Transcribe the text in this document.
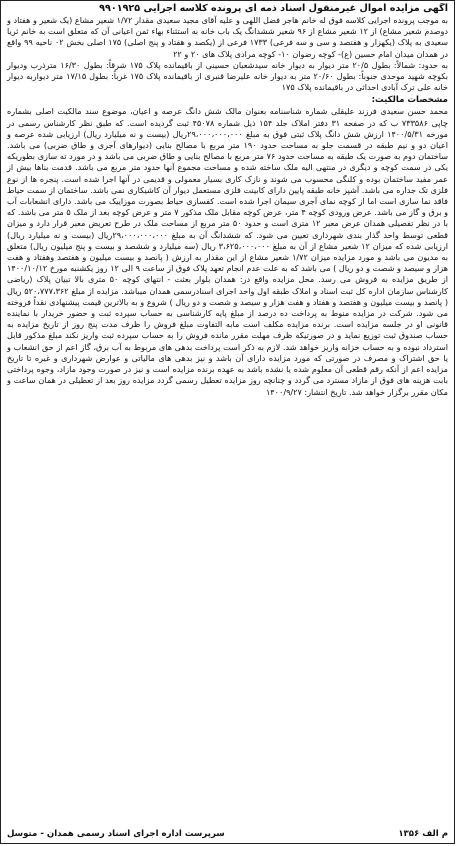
آگهی مزایده اموال غیرمنقول اسناد ذمه ای پرونده کلاسه اجرایی ۹۹۰۱۹۲۵
به موجب پرونده اجرایی کلاسه فوق له خانم هاجر فضل اللهی و علیه آقای مجید سعیدی مقدار ۱/۷۲ شعیر مشاع (یک شعیر و هفتاد و دوصدم شعیر مشاع) از ۱۲ شعیر مشاع از ۹۶ شعیر ششدانگ یک باب خانه به استثناء بهاء ثمن اعیانی آن که متعلق است به خانم ثریا سعیدی به پلاک (یکهزار و هفتصد و سی و سه فرعی) ۱۷۳۳ فرعی از (یکصد و هفتاد و پنج اصلی) ۱۷۵ اصلی بخش ۰۲ ناحیه ۹۹ واقع در همدان میدان امام حسین (ع)- کوچه رضوان ۱۰- کوچه مرادی پلاک های ۲۰ و ۲۲
به حدود: شمالاً: بطول ۲۰/۵ متر دیوار به دیوار خانه سیدشعبان حسینی از باقیمانده پلاک ۱۷۵ شرقاً: بطول ۱۶/۳۰ مترذرب ودیوار بکوچه شهید موحدی جنوباً: بطول ۲۰/۶۰ متر به دیوار خانه علیرضا قنبری از باقیمانده پلاک ۱۷۵ غرباً: بطول ۱۷/۱۵ متر دیواربه دیوار خانه علی ترک آبادی احداثی در باقیمانده پلاک ۱۷۵
مشخصات مالکیت:
محمد حسن سعیدی فرزند علیقلی شماره شناسنامه بعنوان مالک شش دانگ عرصه و اعیان، موضوع سند مالکیت اصلی بشماره چاپی ۷۳۳۵۸۶ ب که در صفحه ۳۱ دفتر املاک جلد ۱۵۴ ذیل شماره ۴۵۰۷۸ ثبت گردیده است. که طبق نظر کارشناس رسمی در مورخه ۱۴۰۰/۵/۳۱ ارزش شش دانگ پلاک ثبتی فوق به مبلغ ۲۹،۰۰۰،۰۰۰،۰۰۰ریال (بیست و نه میلیارد ریال) ارزیابی شده عرصه و اعیان دو و نیم طبقه در قسمت جلو به مساحت حدود ۱۹۰ متر مربع با مصالح بنایی (دیوارهای آجری و طاق ضربی) می باشد. ساختمان دوم به صورت یک طبقه به مساحت حدود ۷۶ متر مربع با مصالح بنایی و طاق ضربی می باشد و در مورد ته سازی بطوریکه یکی در سمت کوچه و دیگری در منتهی الیه ملک ساخته شده و مساحت مجموع آنها حدود متر مربع می باشد. قدمت بناها بیش از عمر مفید ساختمان بوده و کلنگی محسوب می شوند و نازک کاری بسیار معمولی و قدیمی در آنها اجرا شده است. پنجره ها از نوع فلزی تک جداره می باشد. آشپز خانه طبقه پایین دارای کابینت فلزی مستعمل دیوار آن کاشیکاری نمی باشد. ساختمان از سمت حیاط فاقد نما سازی است اما از کوچه نمای آجری سیمان اجرا شده است. کفسازی حیاط بصورت موزاییک می باشد. دارای انشعابات آب و برق و گاز می باشد. عرض ورودی کوچه ۴ متر، عرض کوچه مقابل ملک مذکور ۷ متر و عرض کوچه بعد از ملک ۵ متر می باشد. که با در نظر تفصیلی همدان عرض معبر ۱۲ متری است و حدود ۵۰ متر مربع از مساحت ملک در طرح تعریض معبر قرار دارد و میزان قطعی توسط واحد گذار بندی شهرداری تعیین می شود. که ششدانگ آن به مبلغ ۲۹،۰۰۰،۰۰۰،۰۰۰ریال (بیست و نه میلیارد ریال) ارزیابی شده که میزان ۱۲ شعیر مشاع از آن به مبلغ ۳،۶۲۵،۰۰۰،۰۰۰ ریال (سه میلیارد و ششصد و بیست و پنج میلیون ریال) متعلق به مدیون می باشد و مورد مزایده میزان ۱/۷۲ شعیر مشاع از این مقدار به ارزش ( پانصد و بیست میلیون و هفتصد وهفتاد و هفت هزار و سیصد و شصت و دو ریال ) می باشد که به علت عدم انجام تعهد پلاک فوق از ساعت ۹ الی ۱۲ روز یکشنبه مورخ ۱۴۰۰/۱۰/۱۲ از طریق مزایده به فروش می رسد. محل مزایده واقع در: همدان بلوار بعثت - انتهای کوچه ۵۰ متری بالا تبیان پلاک (ریاضی کارشناس سازمان اداره کل ثبت اسناد و املاک طبقه اول واحد اجرای اسنادرسمی همدان میباشد. مزایده از مبلغ ۵۲۰،۷۷۷،۳۶۲ ریال ( پانصد و بیست میلیون و هفتصد و هفتاد و هفت هزار و سیصد و شصت و دو ریال ) شروع و به بالاترین قیمت پیشنهادی نقداً فروخته می شود. شرکت در مزایده منوط به پرداخت ده درصد از مبلغ پایه کارشناسی به حساب سپرده ثبت و حضور خریدار با نماینده قانونی او در جلسه مزایده است. برنده مزایده مکلف است مابه التفاوت مبلغ فروش را ظرف مدت پنج روز از تاریخ مزایده به حساب صندوق ثبت توزیع نماید و در صورتیکه ظرف مهلت مقرر مانده فروش را به حساب سپرده ثبت واریز نکند مبلغ مذکور قابل استرداد نبوده و به حساب خزانه واریز خواهد شد. لازم به ذکر است پرداخت بدهی های مربوط به آب برق، گاز اعم از حق انشعاب و یا حق اشتراک و مصرف در صورتی که مورد مزایده دارای آن باشد و نیز بدهی های مالیاتی و عوارض شهرداری و غیره تا تاریخ مزایده اعم از آنکه رقم قطعی آن معلوم شده یا نشده باشد به عهده برنده مزایده است و نیز در صورت وجود مازاد، وجوه پرداختی بابت هزینه های فوق از مازاد مسترد می گردد و چنانچه روز مزایده تعطیل رسمی گردد مزایده روز بعد از تعطیلی در همان ساعت و مکان مقرر برگزار خواهد شد. تاریخ انتشار: ۱۴۰۰/۹/۲۷
م الف ۱۳۵۶
سرپرست اداره اجرای اسناد رسمی همدان - متوسل
